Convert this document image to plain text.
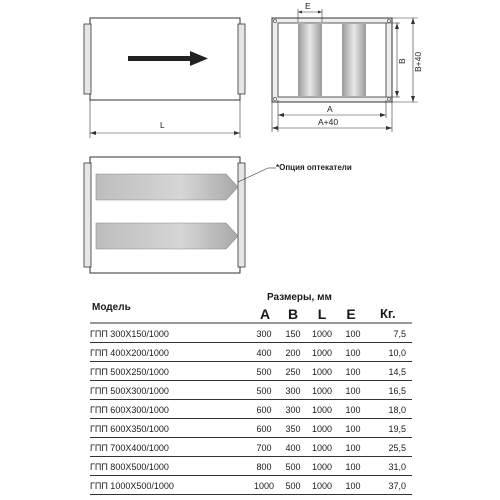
L
E
A
A+40
B B+40
*Опция оптекатели
Модель
Размеры, мм
A	B	L	E	Кг.
ГПП 300X150/1000	300	150	1000	100	7,5
ГПП 400X200/1000	400	200	1000	100	10,0
ГПП 500X250/1000	500	250	1000	100	14,5
ГПП 500X300/1000	500	300	1000	100	16,5
ГПП 600X300/1000	600	300	1000	100	18,0
ГПП 600X350/1000	600	350	1000	100	19,5
ГПП 700X400/1000	700	400	1000	100	25,5
ГПП 800X500/1000	800	500	1000	100	31,0
ГПП 1000X500/1000	1000	500	1000	100	37,0
